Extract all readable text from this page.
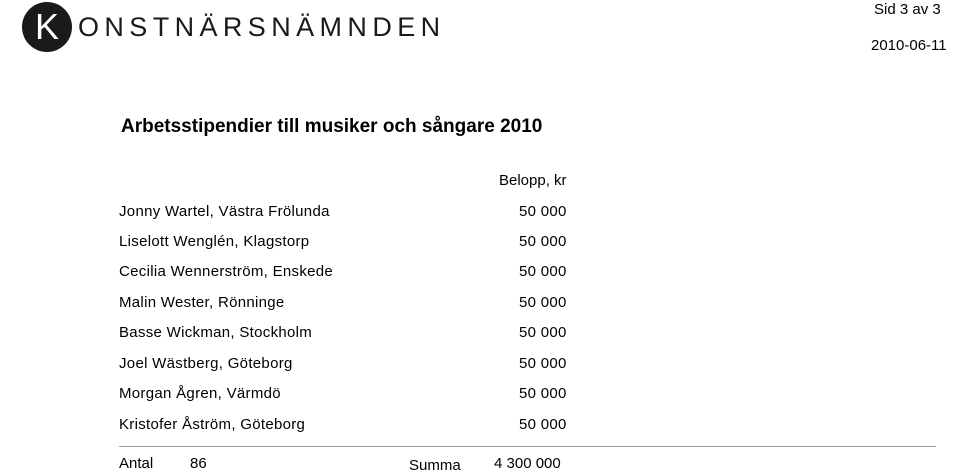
K ONSTNÄRSNÄMNDEN
Sid 3 av 3
2010-06-11
Arbetsstipendier till musiker och sångare 2010
Belopp, kr
Jonny Wartel, Västra Frölunda	50 000
Liselott Wenglén, Klagstorp	50 000
Cecilia Wennerström, Enskede	50 000
Malin Wester, Rönninge	50 000
Basse Wickman, Stockholm	50 000
Joel Wästberg, Göteborg	50 000
Morgan Ågren, Värmdö	50 000
Kristofer Åström, Göteborg	50 000
Antal 86	Summa 4 300 000
